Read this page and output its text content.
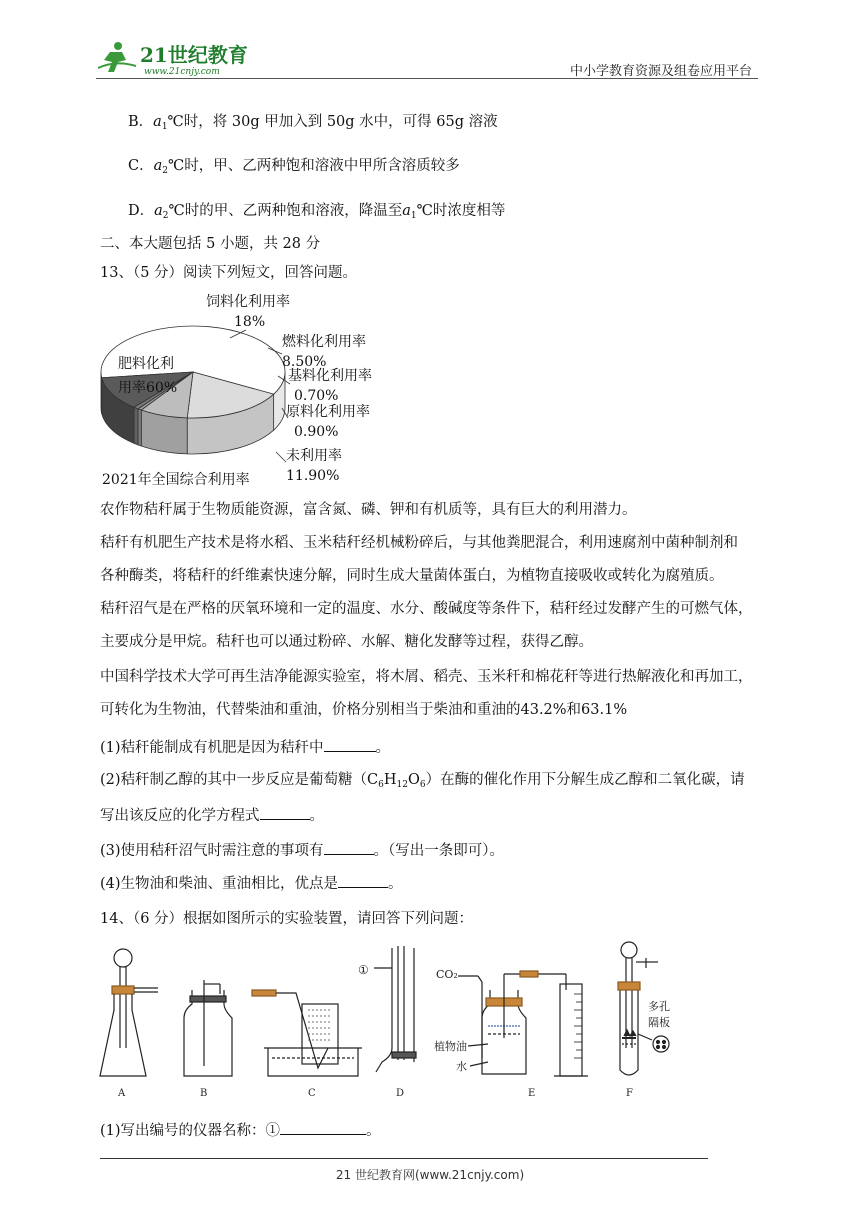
21世纪教育
www.21cnjy.com	中小学教育资源及组卷应用平台
B．$a_1℃$时，将 30g 甲加入到 50g 水中，可得 65g 溶液
C．$a_2℃$时，甲、乙两种饱和溶液中甲所含溶质较多
D．$a_2℃$时的甲、乙两种饱和溶液，降温至$a_1℃$时浓度相等
二、本大题包括 5 小题，共 28 分
13、（5 分）阅读下列短文，回答问题。
肥料化利
用率60%
饲料化利用率
18%
燃料化利用率
8.50%
基料化利用率
0.70%
原料化利用率
0.90%
未利用率
11.90%
2021年全国综合利用率
农作物秸秆属于生物质能资源，富含氮、磷、钾和有机质等，具有巨大的利用潜力。
秸秆有机肥生产技术是将水稻、玉米秸秆经机械粉碎后，与其他粪肥混合，利用速腐剂中菌种制剂和
各种酶类，将秸秆的纤维素快速分解，同时生成大量菌体蛋白，为植物直接吸收或转化为腐殖质。
秸秆沼气是在严格的厌氧环境和一定的温度、水分、酸碱度等条件下，秸秆经过发酵产生的可燃气体，
主要成分是甲烷。秸秆也可以通过粉碎、水解、糖化发酵等过程，获得乙醇。
中国科学技术大学可再生洁净能源实验室，将木屑、稻壳、玉米秆和棉花秆等进行热解液化和再加工，
可转化为生物油，代替柴油和重油，价格分别相当于柴油和重油的43.2%和63.1%
(1)秸秆能制成有机肥是因为秸秆中	。
(2)秸秆制乙醇的其中一步反应是葡萄糖$(C_6H_{12}O_6)$在酶的催化作用下分解生成乙醇和二氧化碳，请
写出该反应的化学方程式	。
(3)使用秸秆沼气时需注意的事项有	。（写出一条即可）。
(4)生物油和柴油、重油相比，优点是	。
14、（6 分）根据如图所示的实验装置，请回答下列问题：
A	B	C
①
D
CO₂
植物油
水
E
多孔
隔板
F
(1)写出编号的仪器名称：①	。
21 世纪教育网(www.21cnjy.com)
